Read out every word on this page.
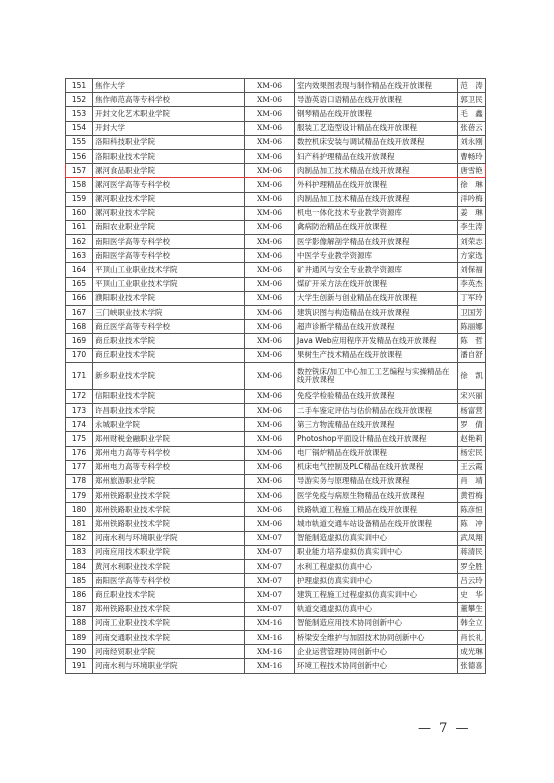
151	焦作大学	XM-06	室内效果图表现与制作精品在线开放课程	范　涛
152	焦作师范高等专科学校	XM-06	导游英语口语精品在线开放课程	郭卫民
153	开封文化艺术职业学院	XM-06	钢琴精品在线开放课程	毛　鑫
154	开封大学	XM-06	服装工艺造型设计精品在线开放课程	张蓓云
155	洛阳科技职业学院	XM-06	数控机床安装与调试精品在线开放课程	刘永刚
156	洛阳职业技术学院	XM-06	妇产科护理精品在线开放课程	曹畅玲
157	漯河食品职业学院	XM-06	肉制品加工技术精品在线开放课程	唐雪艳
158	漯河医学高等专科学校	XM-06	外科护理精品在线开放课程	徐　琳
159	漯河职业技术学院	XM-06	肉制品加工技术精品在线开放课程	洋吟梅
160	漯河职业技术学院	XM-06	机电一体化技术专业教学资源库	姜　琳
161	南阳农业职业学院	XM-06	禽病防治精品在线开放课程	李生涛
162	南阳医学高等专科学校	XM-06	医学影像解剖学精品在线开放课程	刘荣志
163	南阳医学高等专科学校	XM-06	中医学专业教学资源库	方家选
164	平顶山工业职业技术学院	XM-06	矿井通风与安全专业教学资源库	刘保福
165	平顶山工业职业技术学院	XM-06	煤矿开采方法在线开放课程	李英杰
166	濮阳职业技术学院	XM-06	大学生创新与创业精品在线开放课程	丁军玲
167	三门峡职业技术学院	XM-06	建筑识图与构造精品在线开放课程	卫国芳
168	商丘医学高等专科学校	XM-06	超声诊断学精品在线开放课程	陈丽娜
169	商丘职业技术学院	XM-06	Java Web应用程序开发精品在线开放课程	陈　哲
170	商丘职业技术学院	XM-06	果树生产技术精品在线开放课程	潘自舒
171	新乡职业技术学院	XM-06	数控铣床/加工中心加工工艺编程与实操精品在线开放课程	徐　凯
172	信阳职业技术学院	XM-06	免疫学检验精品在线开放课程	宋兴丽
173	许昌职业技术学院	XM-06	二手车鉴定评估与估价精品在线开放课程	杨富营
174	永城职业学院	XM-06	第三方物流精品在线开放课程	罗　倩
175	郑州财税金融职业学院	XM-06	Photoshop平面设计精品在线开放课程	赵艳莉
176	郑州电力高等专科学校	XM-06	电厂锅炉精品在线开放课程	杨宏民
177	郑州电力高等专科学校	XM-06	机床电气控制及PLC精品在线开放课程	王云霞
178	郑州旅游职业学院	XM-06	导游实务与原理精品在线开放课程	肖　靖
179	郑州铁路职业技术学院	XM-06	医学免疫与病原生物精品在线开放课程	黄哲梅
180	郑州铁路职业技术学院	XM-06	铁路轨道工程施工精品在线开放课程	陈彦恒
181	郑州铁路职业技术学院	XM-06	城市轨道交通车站设备精品在线开放课程	陈　冲
182	河南水利与环境职业学院	XM-07	智能制造虚拟仿真实训中心	武凤翔
183	河南应用技术职业学院	XM-07	职业能力培养虚拟仿真实训中心	蒋清民
184	黄河水利职业技术学院	XM-07	水利工程虚拟仿真中心	罗全胜
185	南阳医学高等专科学校	XM-07	护理虚拟仿真实训中心	吕云玲
186	商丘职业技术学院	XM-07	建筑工程施工过程虚拟仿真实训中心	史　华
187	郑州铁路职业技术学院	XM-07	轨道交通虚拟仿真中心	董攀生
188	河南工业职业技术学院	XM-16	智能制造应用技术协同创新中心	韩全立
189	河南交通职业技术学院	XM-16	桥梁安全维护与加固技术协同创新中心	肖长礼
190	河南经贸职业学院	XM-16	企业运营管理协同创新中心	成光琳
191	河南水利与环境职业学院	XM-16	环境工程技术协同创新中心	张德喜
— 7 —
